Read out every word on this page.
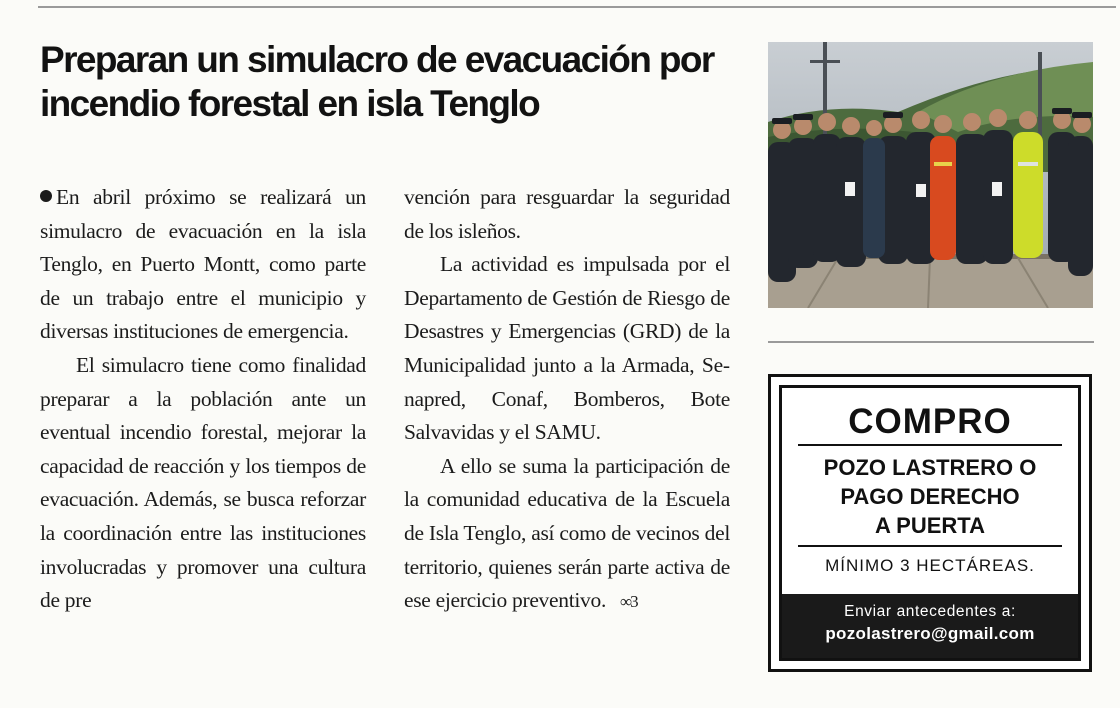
Preparan un simulacro de evacuación por incendio forestal en isla Tenglo

En abril próximo se realizará un simulacro de evacuación en la isla Tenglo, en Puerto Montt, como parte de un trabajo entre el municipio y diversas instituciones de emergencia.

El simulacro tiene como finalidad preparar a la población ante un eventual incendio forestal, mejorar la capacidad de reacción y los tiempos de evacuación. Además, se busca reforzar la coordinación entre las instituciones involucradas y promover una cultura de pre

vención para resguardar la seguridad de los isleños.

La actividad es impulsada por el Departamento de Gestión de Riesgo de Desastres y Emergencias (GRD) de la Municipalidad junto a la Armada, Senapred, Conaf, Bomberos, Bote Salvavidas y el SAMU.

A ello se suma la participación de la comunidad educativa de la Escuela de Isla Tenglo, así como de vecinos del territorio, quienes serán parte activa de ese ejercicio preventivo. ∞3

COMPRO
POZO LASTRERO O
PAGO DERECHO
A PUERTA
MÍNIMO 3 HECTÁREAS.
Enviar antecedentes a:
pozolastrero@gmail.com
